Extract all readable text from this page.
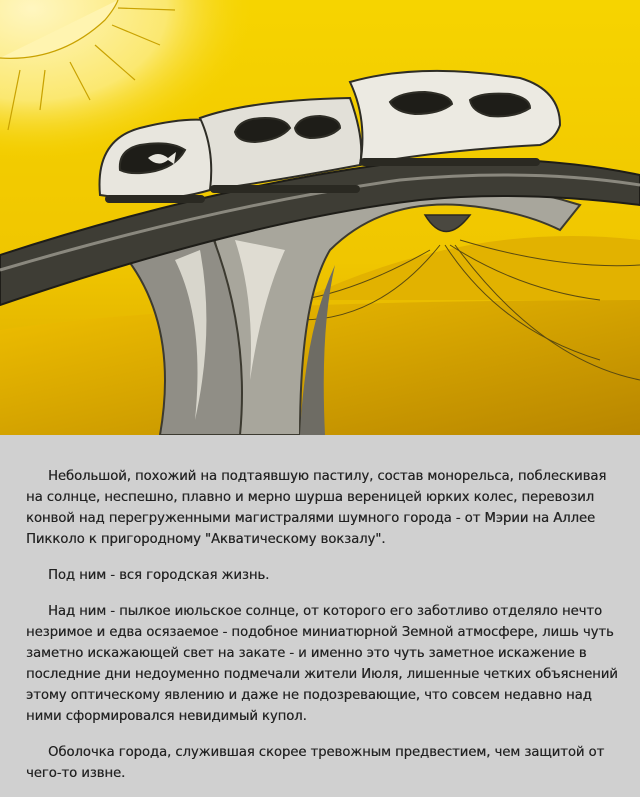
Небольшой, похожий на подтаявшую пастилу, состав монорельса, поблескивая на солнце, неспешно, плавно и мерно шурша вереницей юрких колес, перевозил конвой над перегруженными магистралями шумного города - от Мэрии на Аллее Пикколо к пригородному "Акватическому вокзалу".

Под ним - вся городская жизнь.

Над ним - пылкое июльское солнце, от которого его заботливо отделяло нечто незримое и едва осязаемое - подобное миниатюрной Земной атмосфере, лишь чуть заметно искажающей свет на закате - и именно это чуть заметное искажение в последние дни недоуменно подмечали жители Июля, лишенные четких объяснений этому оптическому явлению и даже не подозревающие, что совсем недавно над ними сформировался невидимый купол.

Оболочка города, служившая скорее тревожным предвестием, чем защитой от чего-то извне.
